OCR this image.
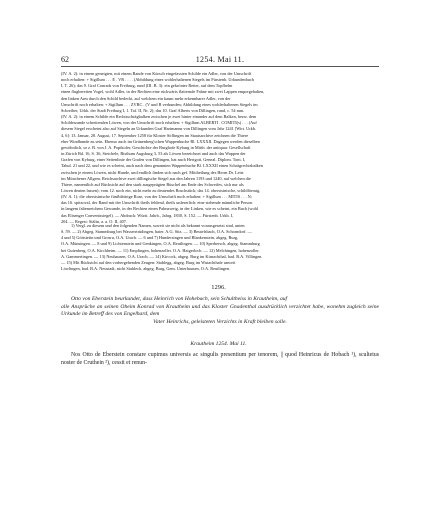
62	1254. Mai 11.

(IV. A. 2): in einem geneigten, mit einem Rande von Kürsch eingefassten Schilde ein Adler, von der Umschrift

noch erhalten: + Sigillum . . . E . VR . . . . (Abbildung eines wohlerhaltenen Siegels im Fürstenb. Urkundenbuch

I, T. 26); das 9. Graf Conrads von Freiburg, rund (III. B. 3): ein gekrönter Reiter, auf dem Topfhelm

einen flugbereiten Vogel, wohl Adler, in der Rechten eine rückwärts flatternde Fahne mit zwei Lappen emporgehalten,

den linken Arm durch den Schild bedeckt, auf welchem ein kaum mehr erkennbarer Adler, von der

Umschrift noch erhalten: + Sigillum . . . ZVRC . (V und R verbunden; Abbildung eines wohlerhaltenen Siegels im

Schreiber, Urkb. der Stadt Freiburg I, 1. Taf. II, Nr. 2); das 10. Graf Alberts von Dillingen, rund, c. 54 mm.

(IV. A. 2): in einem Schilde ein Rechtsschrägbalken zwischen je zwei hinter einander auf dem Balken, bezw. dem

Schildesrande schreitenden Löwen, von der Umschrift noch erhalten: + Sigillum ALBERTI . COMITI(s) . . . (Auf

diesem Siegel erscheint also auf Siegeln an Urkunden Graf Hartmanns von Dillingen vom Jahr 1241 [Wirt. Urkb.

4, 6]: 13. Januar, 28. August, 17. September 1258 für Kloster Söflingen im Staatsarchive zeichnen die Thiere

eher Windhunde zu sein. Ebenso auch im Grünenberg'schen Wappenbuche Bl. LXXXII. Dagegen werden dieselben

gewöhnlich, so z. B. von J. A. Popikofer, Geschichte der Burghofe Kyburg in Mitth. der antiquar. Gesellschaft

in Zürich Bd. 16, S. 36, Steichele, Bisthum Augsburg 3, 53 als Löwen bezeichnet und auch das Wappen der

Grafen von Kyburg, einer Seitenlinie der Grafen von Dillingen, hat nach Hertgott, Geneal. Diplom. Tom. I,

Tabul. 21 und 22, und wie es scheint, auch nach dem genannten Wappenbuche Bl. LXXXII einen Schrägrechtsbalken

zwischen je einem Löwen, nicht Hunde, und endlich finden sich nach gef. Mittheilung des Herrn Dr. Leist

im Münchener Allgem. Reichsarchive zwei dillingische Siegel aus den Jahren 1193 und 1240, auf welchen die

Thiere, namentlich auf Rücksicht auf den stark ausgeprägten Büschel am Ende des Schweifes, sich nur als

Löwen deuten lassen); vom 12. noch ein, nicht mehr zu deutendes Bruchstück; das 14. oberstsinische, schildförmig,

(IV. A. 1): die oberstsinische fünfblättrige Rose, von der Umschrift noch erhalten: + Sigillum . . . MITIS . . . N;

das 16. spitzoval, der Rand mit der Umschrift theils fehlend, theils unleserlich: eine stehende männliche Person

in langem faltenreichem Gewande, in der Rechten einen Palmzweig, in der Linken, wie es scheint, ein Buch (wohl

das Elisenger Conventssiegel). — Abdruck: Württ. Jahrb., Jahrg. 1830, S. 152. — Fürstenb. Urkb. I,

204. — Regest: Stälin, a. a. O. II, 407.

1) Vergl. zu diesem und den folgenden Namen, soweit sie nicht als bekannt vorausgesetzt sind, unten

S. 59. — 2) Abgeg. Stammburg bei Wasserrtrüdingen, baier. A.G. Sitz. — 3) Beutelsbach, O.A. Schorndorf. —

4 und 5) Göttstetin und Grosru, O.A. Urach. — 6 und 7) Hundersingen und Blankenstein, abgeg. Burg,

O.A. Münsingen. — 8 und 9) Lichtenstein und Genkingen, O.A. Reutlingen. — 10) Sperbersch, abgeg. Stammburg

bei Gutenberg, O.A. Kirchheim. — 11) Empfingen, hohenzoller. O.A. Haigerloch. — 12) Melchingen, hohenzoller.

A. Gammertingen. — 13) Neuhausen, O.A. Urach. — 14) Kircock, abgeg. Burg im Kirnachthal, bad. B.A. Villingen.

— 15) Mit Rücksicht auf den vorhergehenden Zeugen: Stablegg, abgeg. Burg im Wutachthale unweit

Löwlingen, bad. B.A. Neustadt, nicht Stahleck, abgeg. Burg, Gem. Unterhausen, O.A. Reutlingen.

1296.

Otto von Eberstein beurkundet, dass Heinrich von Hohebach, sein Schultheiss in Krautheim, auf

alle Ansprüche an seinen Oheim Konrad von Krautheim und das Kloster Gnadenthal ausdrücklich verzichtet habe, wonehm zugleich seine Urkunde im Betreff des von Engelhard, dem

Vater Heinrichs, geleisteten Verzichts in Kraft bleiben solle.

Krautheim 1254. Mai 11.

Nos Otto de Eberstein constare cupimus universis ac singulis presentium per tenorem, || quod Heinricus de Hobach ¹), scultetus noster de Cruthein ²), cessit et renun-
